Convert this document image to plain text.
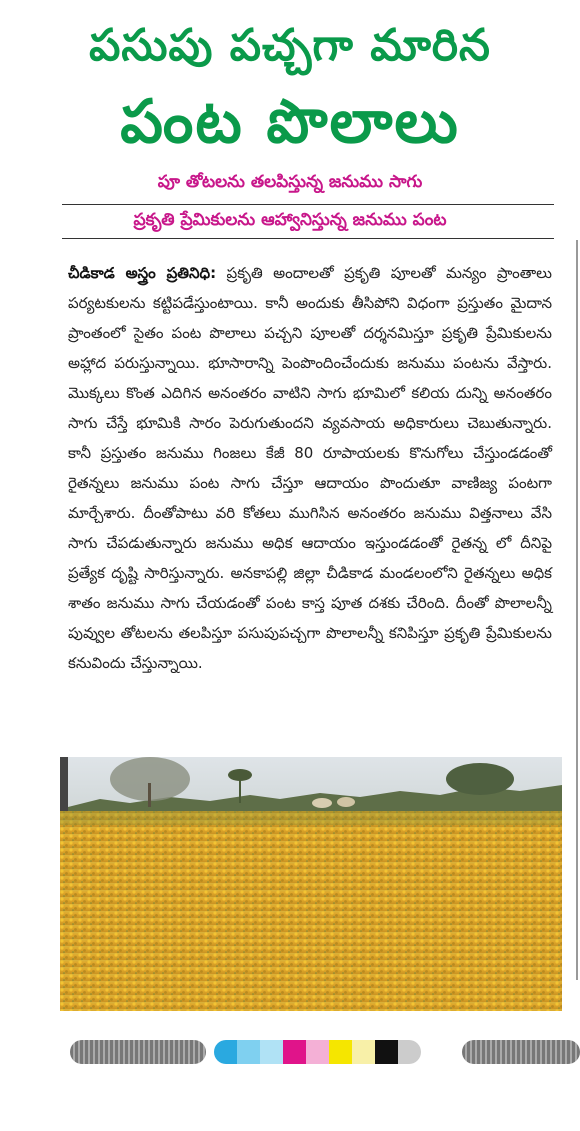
పసుపు పచ్చగా మారిన
పంట పొలాలు
పూ తోటలను తలపిస్తున్న జనుము సాగు
ప్రకృతి ప్రేమికులను ఆహ్వానిస్తున్న జనుము పంట
చీడికాడ అస్త్రం ప్రతినిధి: ప్రకృతి అందాలతో ప్రకృతి పూలతో మన్యం ప్రాంతాలు పర్యటకులను కట్టిపడేస్తుంటాయి. కానీ అందుకు తీసిపోని విధంగా ప్రస్తుతం మైదాన ప్రాంతంలో సైతం పంట పొలాలు పచ్చని పూలతో దర్శనమిస్తూ ప్రకృతి ప్రేమికులను అహ్లాద పరుస్తున్నాయి. భూసారాన్ని పెంపొందించేందుకు జనుము పంటను వేస్తారు. మొక్కలు కొంత ఎదిగిన అనంతరం వాటిని సాగు భూమిలో కలియ దున్ని అనంతరం సాగు చేస్తే భూమికి సారం పెరుగుతుందని వ్యవసాయ అధికారులు చెబుతున్నారు. కానీ ప్రస్తుతం జనుము గింజలు కేజీ 80 రూపాయలకు కొనుగోలు చేస్తుండడంతో రైతన్నలు జనుము పంట సాగు చేస్తూ ఆదాయం పొందుతూ వాణిజ్య పంటగా మార్చేశారు. దీంతోపాటు వరి కోతలు ముగిసిన అనంతరం జనుము విత్తనాలు వేసి సాగు చేపడుతున్నారు జనుము అధిక ఆదాయం ఇస్తుండడంతో రైతన్న లో దీనిపై ప్రత్యేక దృష్టి సారిస్తున్నారు. అనకాపల్లి జిల్లా చీడికాడ మండలంలోని రైతన్నలు అధిక శాతం జనుము సాగు చేయడంతో పంట కాస్త పూత దశకు చేరింది. దీంతో పొలాలన్నీ పువ్వుల తోటలను తలపిస్తూ పసుపుపచ్చగా పొలాలన్నీ కనిపిస్తూ ప్రకృతి ప్రేమికులను కనువిందు చేస్తున్నాయి.
